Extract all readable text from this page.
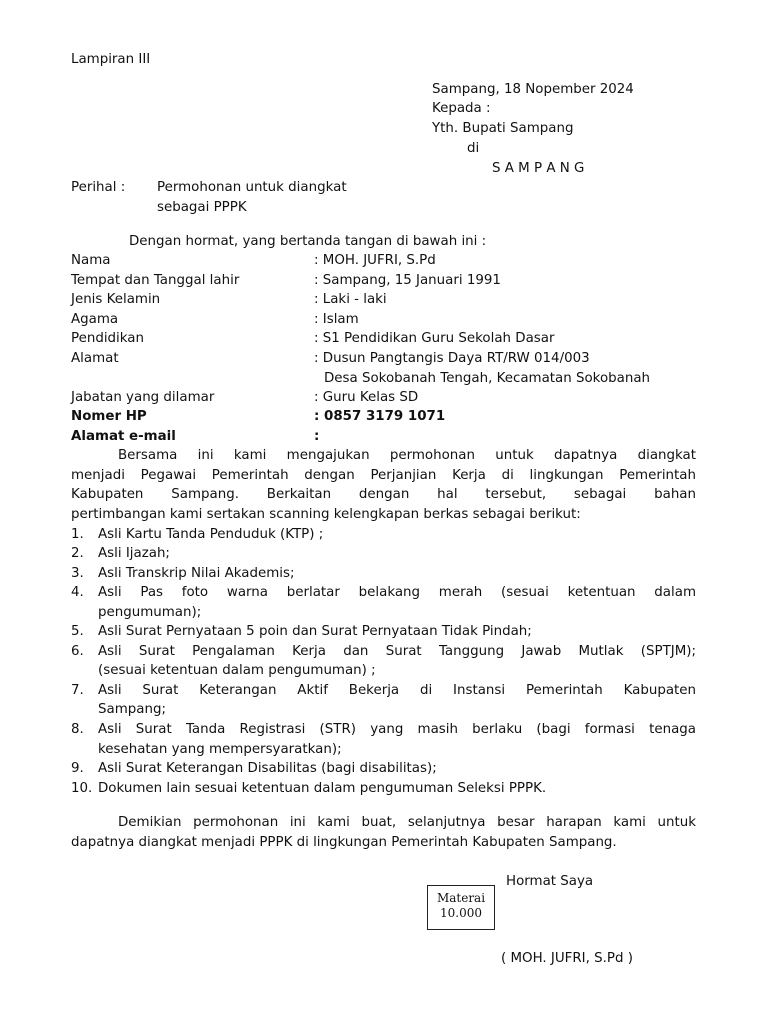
Lampiran III
Sampang, 18 Nopember 2024
Kepada :
Yth. Bupati Sampang
di
S A M P A N G
Perihal : Permohonan untuk diangkat
sebagai PPPK
Dengan hormat, yang bertanda tangan di bawah ini :
Nama	: MOH. JUFRI, S.Pd
Tempat dan Tanggal lahir	: Sampang, 15 Januari 1991
Jenis Kelamin	: Laki - laki
Agama	: Islam
Pendidikan	: S1 Pendidikan Guru Sekolah Dasar
Alamat	: Dusun Pangtangis Daya RT/RW 014/003
Desa Sokobanah Tengah, Kecamatan Sokobanah
Jabatan yang dilamar	: Guru Kelas SD
Nomer HP	: 0857 3179 1071
Alamat e-mail	:
Bersama ini kami mengajukan permohonan untuk dapatnya diangkat
menjadi Pegawai Pemerintah dengan Perjanjian Kerja di lingkungan Pemerintah
Kabupaten Sampang. Berkaitan dengan hal tersebut, sebagai bahan
pertimbangan kami sertakan scanning kelengkapan berkas sebagai berikut:
1. Asli Kartu Tanda Penduduk (KTP) ;
2. Asli Ijazah;
3. Asli Transkrip Nilai Akademis;
4. Asli Pas foto warna berlatar belakang merah (sesuai ketentuan dalam
pengumuman);
5. Asli Surat Pernyataan 5 poin dan Surat Pernyataan Tidak Pindah;
6. Asli Surat Pengalaman Kerja dan Surat Tanggung Jawab Mutlak (SPTJM);
(sesuai ketentuan dalam pengumuman) ;
7. Asli Surat Keterangan Aktif Bekerja di Instansi Pemerintah Kabupaten
Sampang;
8. Asli Surat Tanda Registrasi (STR) yang masih berlaku (bagi formasi tenaga
kesehatan yang mempersyaratkan);
9. Asli Surat Keterangan Disabilitas (bagi disabilitas);
10. Dokumen lain sesuai ketentuan dalam pengumuman Seleksi PPPK.
Demikian permohonan ini kami buat, selanjutnya besar harapan kami untuk
dapatnya diangkat menjadi PPPK di lingkungan Pemerintah Kabupaten Sampang.
Hormat Saya
Materai
10.000
( MOH. JUFRI, S.Pd )
